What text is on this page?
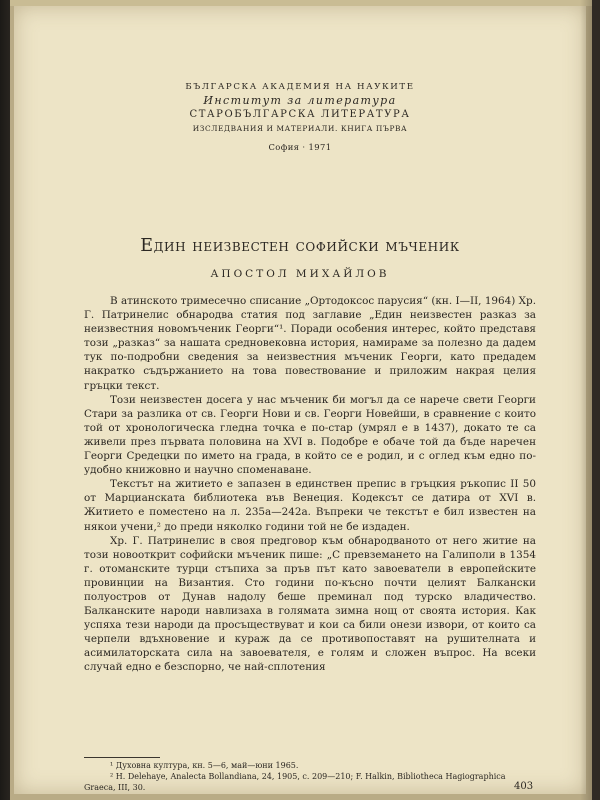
БЪЛГАРСКА АКАДЕМИЯ НА НАУКИТЕ
Институт за литература
СТАРОБЪЛГАРСКА ЛИТЕРАТУРА
ИЗСЛЕДВАНИЯ И МАТЕРИАЛИ. КНИГА ПЪРВА
София · 1971
Един неизвестен софийски мъченик
АПОСТОЛ МИХАЙЛОВ

В атинското тримесечно списание „Ортодоксос парусия“ (кн. I—II, 1964) Хр. Г. Патринелис обнародва статия под заглавие „Един неизвестен разказ за неизвестния новомъченик Георги“¹. Поради особения интерес, който представя този „разказ“ за нашата средновековна история, намираме за полезно да дадем тук по-подробни сведения за неизвестния мъченик Георги, като предадем накратко съдържанието на това повествование и приложим накрая целия гръцки текст.

Този неизвестен досега у нас мъченик би могъл да се нарече свети Георги Стари за разлика от св. Георги Нови и св. Георги Новейши, в сравнение с които той от хронологическа гледна точка е по-стар (умрял е в 1437), докато те са живели през първата половина на XVI в. Подобре е обаче той да бъде наречен Георги Средецки по името на града, в който се е родил, и с оглед към едно по-удобно книжовно и научно споменаване.

Текстът на житието е запазен в единствен препис в гръцкия ръкопис II 50 от Марцианската библиотека във Венеция. Кодексът се датира от XVI в. Житието е поместено на л. 235а—242а. Въпреки че текстът е бил известен на някои учени,² до преди няколко години той не бе издаден.

Хр. Г. Патринелис в своя предговор към обнародваното от него житие на този новооткрит софийски мъченик пише: „С превземането на Галиполи в 1354 г. отоманските турци стъпиха за пръв път като завоеватели в европейските провинции на Византия. Сто години по-късно почти целият Балкански полуостров от Дунав надолу беше преминал под турско владичество. Балканските народи навлизаха в голямата зимна нощ от своята история. Как успяха тези народи да просъществуват и кои са били онези извори, от които са черпели вдъхновение и кураж да се противопоставят на рушителната и асимилаторската сила на завоевателя, е голям и сложен въпрос. На всеки случай едно е безспорно, че най-сплотения

¹ Духовна култура, кн. 5—6, май—юни 1965.

² H. Delehaye, Analecta Bollandiana, 24, 1905, с. 209—210; F. Halkin, Bibliotheca Hagiographica Graeca, III, 30.	403
